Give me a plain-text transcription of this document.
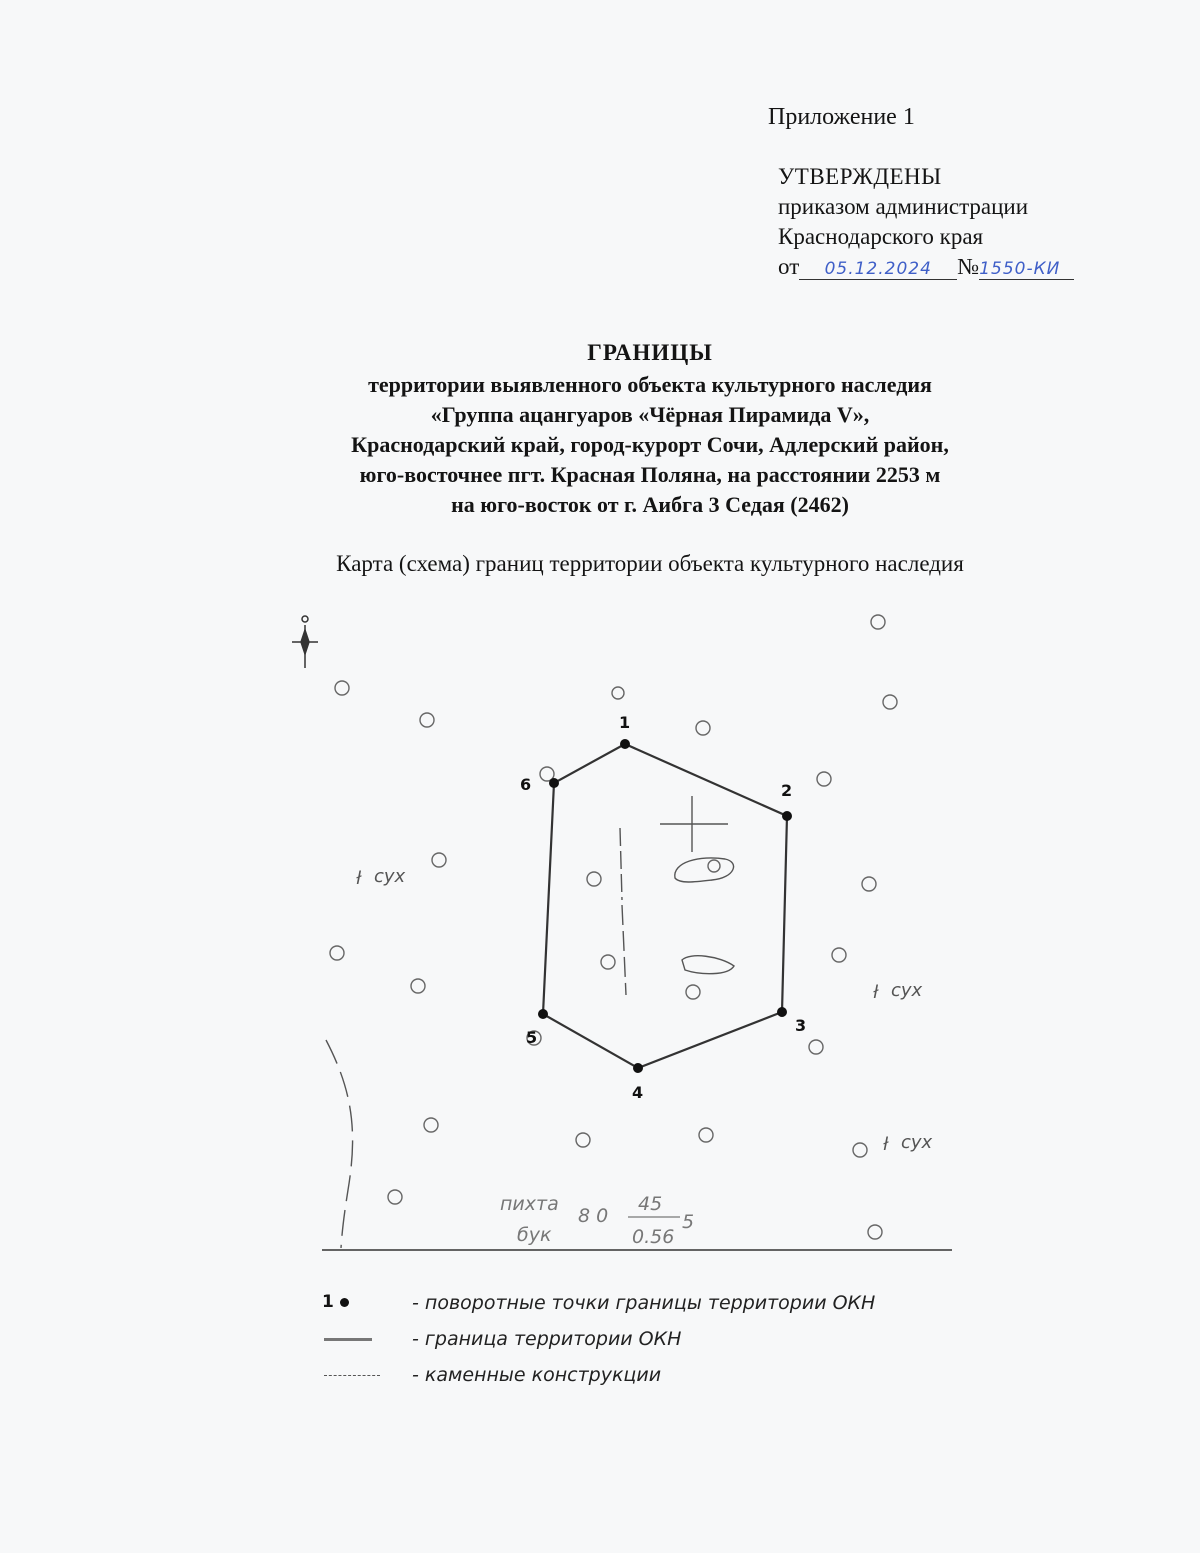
Приложение 1
УТВЕРЖДЕНЫ
приказом администрации
Краснодарского края
от 05.12.2024 №1550-КИ
ГРАНИЦЫ
территории выявленного объекта культурного наследия
«Группа ацангуаров «Чёрная Пирамида V»,
Краснодарский край, город-курорт Сочи, Адлерский район,
юго-восточнее пгт. Красная Поляна, на расстоянии 2253 м
на юго-восток от г. Аибга 3 Седая (2462)
Карта (схема) границ территории объекта культурного наследия
1
2
3
4
5
6
ł сух
ł сух
ł сух
пихта
бук
8 0
45
0.56
5
1	- поворотные точки границы территории ОКН
- граница территории ОКН
- каменные конструкции
